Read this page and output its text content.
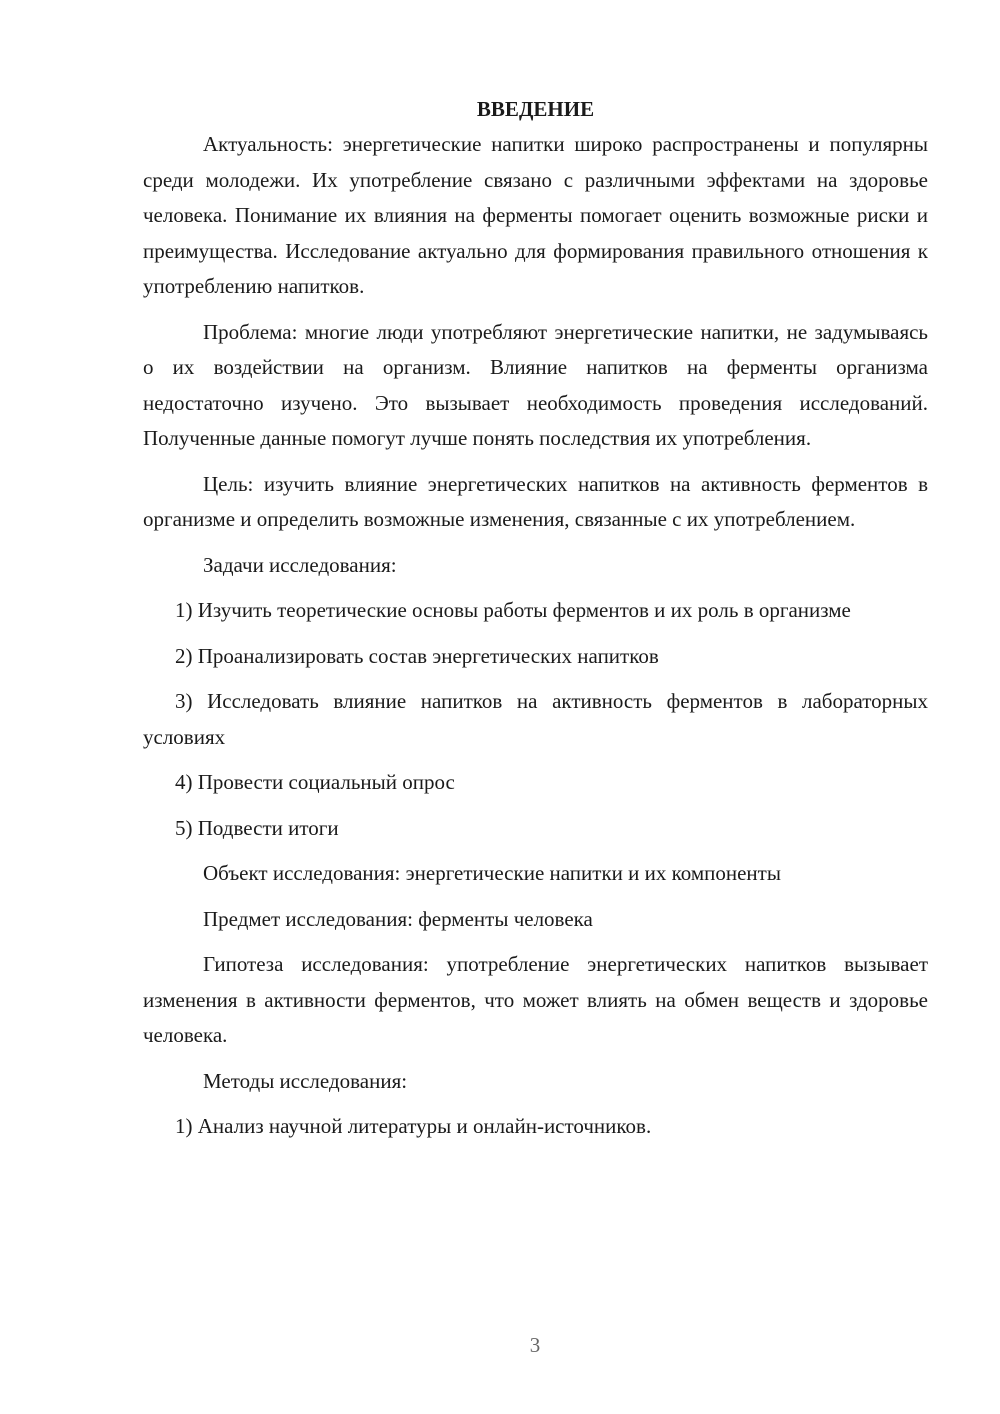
ВВЕДЕНИЕ

Актуальность: энергетические напитки широко распространены и популярны среди молодежи. Их употребление связано с различными эффектами на здоровье человека. Понимание их влияния на ферменты помогает оценить возможные риски и преимущества. Исследование актуально для формирования правильного отношения к употреблению напитков.

Проблема: многие люди употребляют энергетические напитки, не задумываясь о их воздействии на организм. Влияние напитков на ферменты организма недостаточно изучено. Это вызывает необходимость проведения исследований. Полученные данные помогут лучше понять последствия их употребления.

Цель: изучить влияние энергетических напитков на активность ферментов в организме и определить возможные изменения, связанные с их употреблением.

Задачи исследования:

1) Изучить теоретические основы работы ферментов и их роль в организме

2) Проанализировать состав энергетических напитков

3) Исследовать влияние напитков на активность ферментов в лабораторных условиях

4) Провести социальный опрос

5) Подвести итоги

Объект исследования: энергетические напитки и их компоненты

Предмет исследования: ферменты человека

Гипотеза исследования: употребление энергетических напитков вызывает изменения в активности ферментов, что может влиять на обмен веществ и здоровье человека.

Методы исследования:

1) Анализ научной литературы и онлайн-источников.

3
